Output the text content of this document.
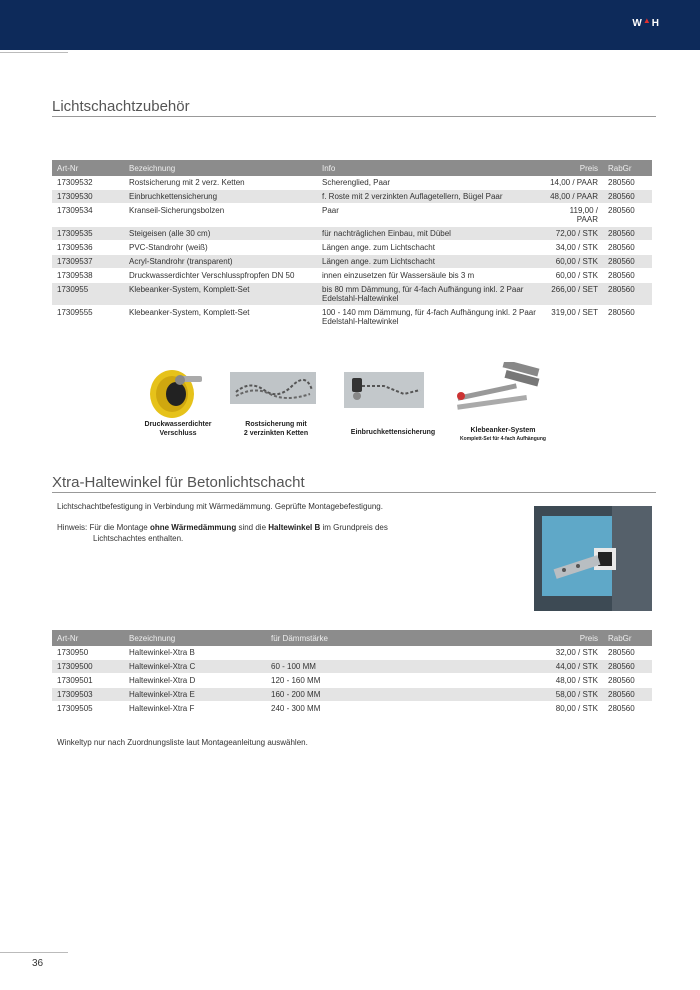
W▲H
Lichtschachtzubehör
Art-Nr	Bezeichnung	Info	Preis	RabGr
17309532	Rostsicherung mit 2 verz. Ketten	Scherenglied, Paar	14,00 / PAAR	280560
17309530	Einbruchkettensicherung	f. Roste mit 2 verzinkten Auflagetellern, Bügel Paar	48,00 / PAAR	280560
17309534	Kranseil-Sicherungsbolzen	Paar	119,00 / PAAR	280560
17309535	Steigeisen (alle 30 cm)	für nachträglichen Einbau, mit Dübel	72,00 / STK	280560
17309536	PVC-Standrohr (weiß)	Längen ange. zum Lichtschacht	34,00 / STK	280560
17309537	Acryl-Standrohr (transparent)	Längen ange. zum Lichtschacht	60,00 / STK	280560
17309538	Druckwasserdichter Verschlusspfropfen DN 50	innen einzusetzen für Wassersäule bis 3 m	60,00 / STK	280560
1730955	Klebeanker-System, Komplett-Set	bis 80 mm Dämmung, für 4-fach Aufhängung inkl. 2 Paar Edelstahl-Haltewinkel	266,00 / SET	280560
17309555	Klebeanker-System, Komplett-Set	100 - 140 mm Dämmung, für 4-fach Aufhängung inkl. 2 Paar Edelstahl-Haltewinkel	319,00 / SET	280560
Druckwasserdichter
Verschluss
Rostsicherung mit
2 verzinkten Ketten	Einbruchkettensicherung	Klebeanker-System
Komplett-Set für 4-fach Aufhängung
Xtra-Haltewinkel für Betonlichtschacht
Lichtschachtbefestigung in Verbindung mit Wärmedämmung. Geprüfte Montagebefestigung.
Hinweis: Für die Montage ohne Wärmedämmung sind die Haltewinkel B im Grundpreis des
Lichtschachtes enthalten.
Art-Nr	Bezeichnung	für Dämmstärke	Preis	RabGr
1730950	Haltewinkel-Xtra B		32,00 / STK	280560
17309500	Haltewinkel-Xtra C	60 - 100 MM	44,00 / STK	280560
17309501	Haltewinkel-Xtra D	120 - 160 MM	48,00 / STK	280560
17309503	Haltewinkel-Xtra E	160 - 200 MM	58,00 / STK	280560
17309505	Haltewinkel-Xtra F	240 - 300 MM	80,00 / STK	280560
Winkeltyp nur nach Zuordnungsliste laut Montageanleitung auswählen.
36
